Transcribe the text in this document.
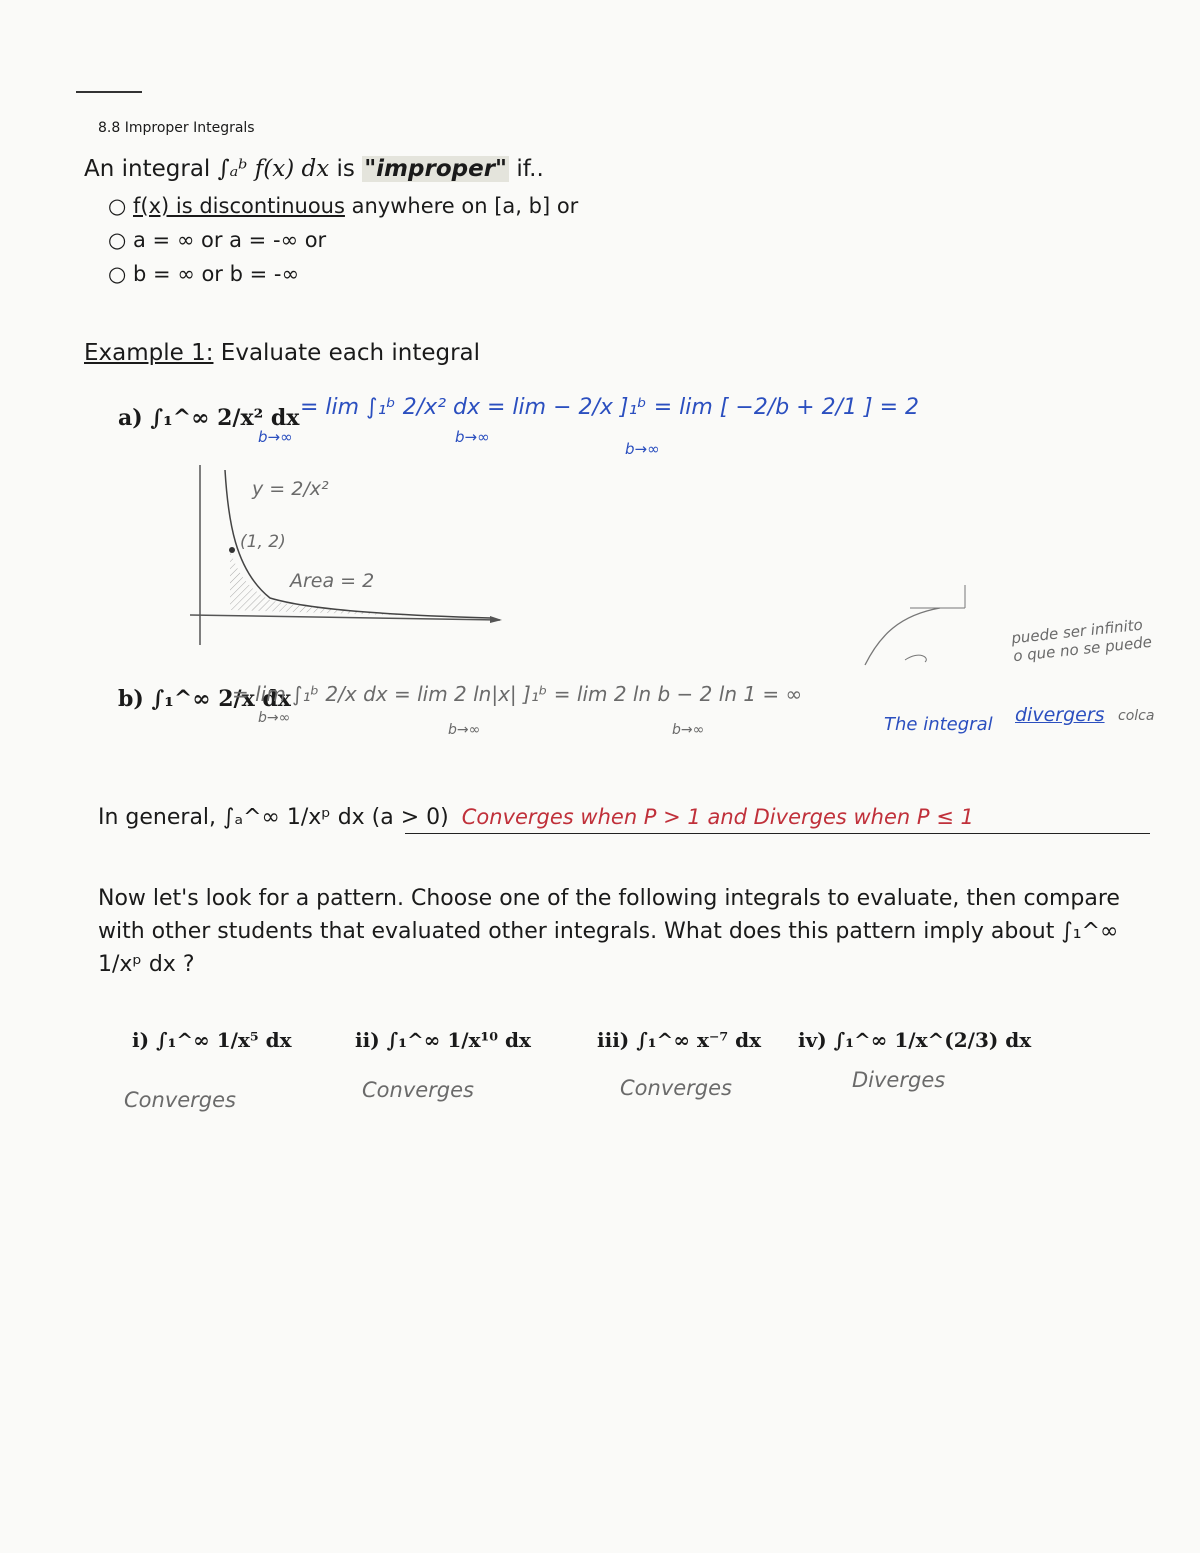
8.8 Improper Integrals
An integral ∫ₐᵇ f(x) dx is "improper" if..
○ f(x) is discontinuous anywhere on [a, b] or
○ a = ∞ or a = -∞ or
○ b = ∞ or b = -∞
Example 1: Evaluate each integral
a) ∫₁^∞ 2/x² dx = lim ∫₁ᵇ 2/x² dx = lim − 2/x ]₁ᵇ = lim [ −2/b + 2/1 ] = 2
b→∞	b→∞
b→∞
y = 2/x²
(1, 2)
Area = 2
b) ∫₁^∞ 2/x dx
= lim ∫₁ᵇ 2/x dx = lim 2 ln|x| ]₁ᵇ = lim 2 ln b − 2 ln 1 = ∞
b→∞
b→∞	b→∞	The integral divergers colca
puede ser infinito o que no se puede
In general, ∫ₐ^∞ 1/xᵖ dx (a > 0) Converges when P > 1 and Diverges when P ≤ 1
Now let's look for a pattern. Choose one of the following integrals to evaluate, then compare with other students that evaluated other integrals. What does this pattern imply about ∫₁^∞ 1/xᵖ dx ?
i) ∫₁^∞ 1/x⁵ dx	ii) ∫₁^∞ 1/x¹⁰ dx	iii) ∫₁^∞ x⁻⁷ dx iv) ∫₁^∞ 1/x^(2/3) dx
Converges	Converges	Converges	Diverges
